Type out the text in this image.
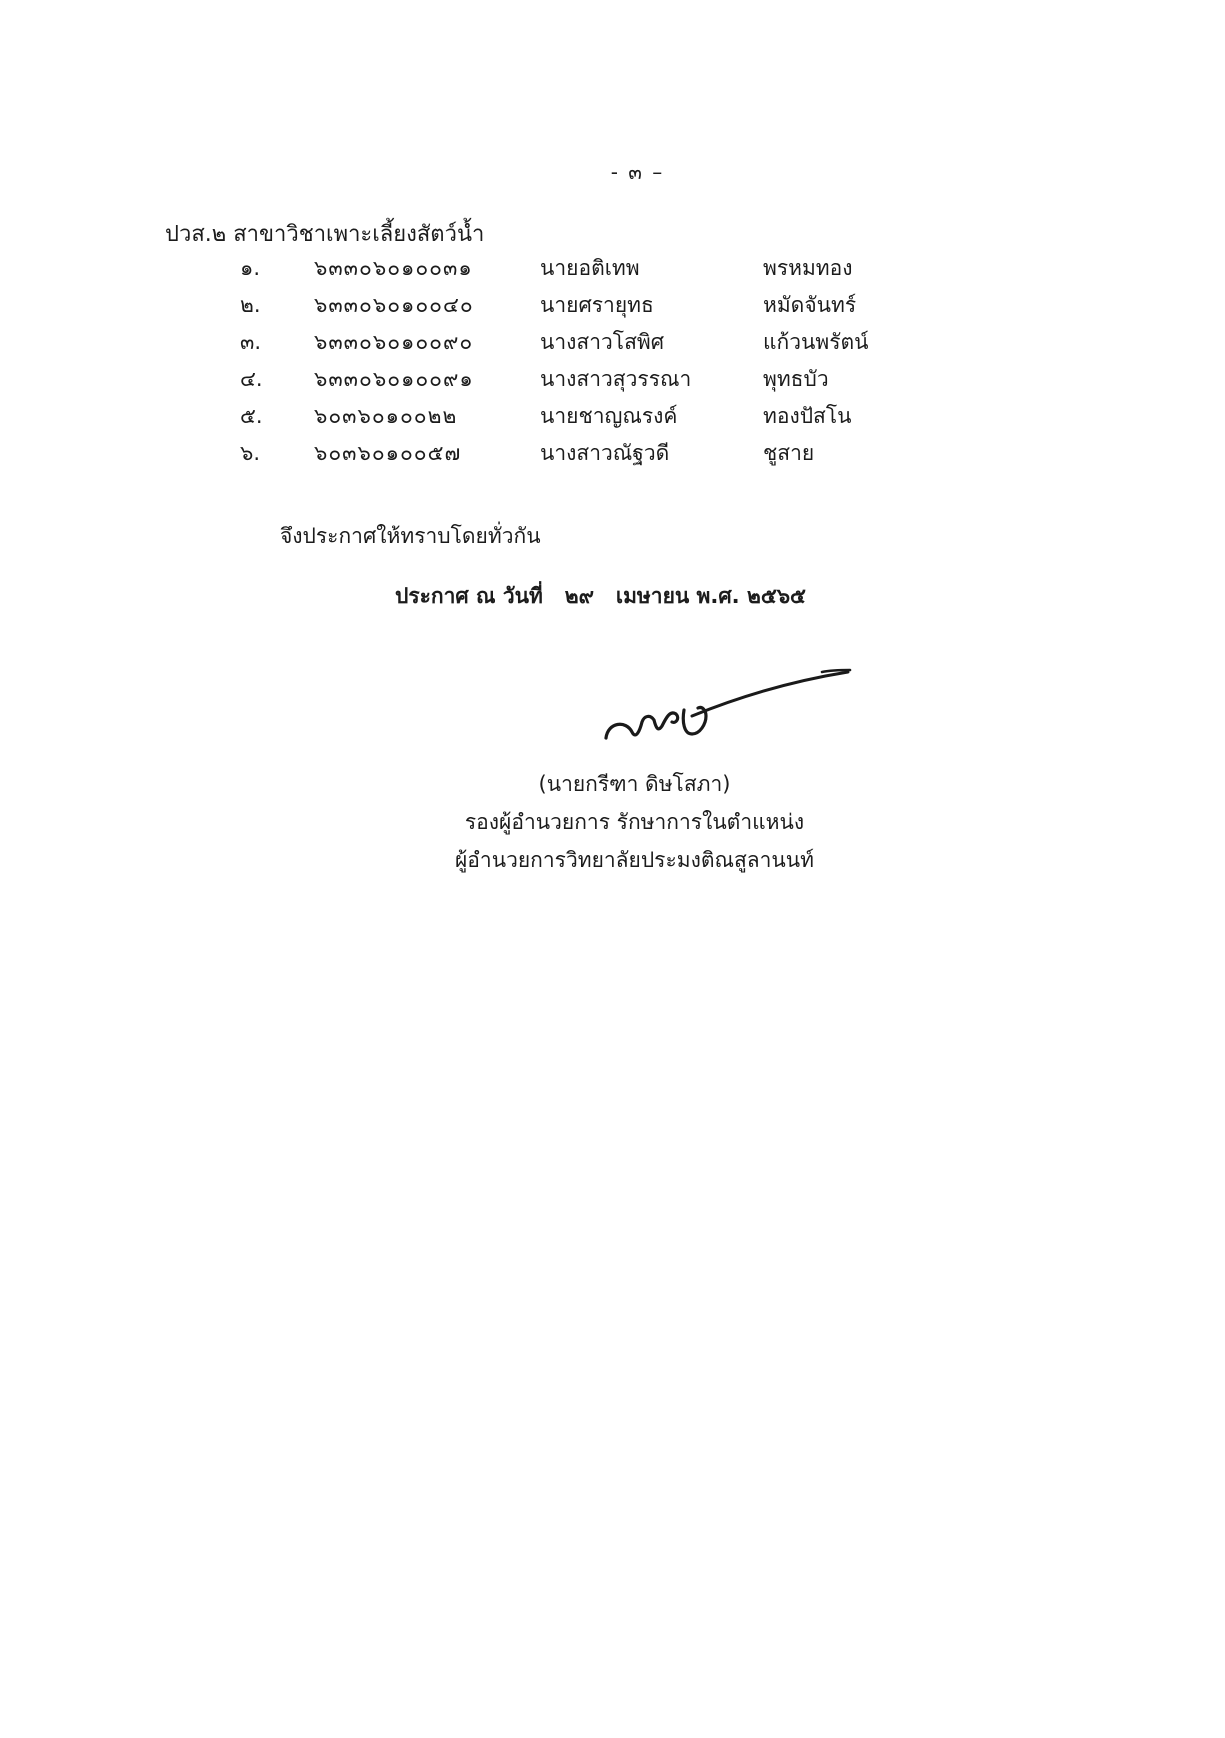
- ๓ –
ปวส.๒ สาขาวิชาเพาะเลี้ยงสัตว์น้ำ
๑.	๖๓๓๐๖๐๑๐๐๓๑	นายอติเทพ	พรหมทอง
๒.	๖๓๓๐๖๐๑๐๐๔๐	นายศรายุทธ	หมัดจันทร์
๓.	๖๓๓๐๖๐๑๐๐๙๐	นางสาวโสพิศ	แก้วนพรัตน์
๔. ๖๓๓๐๖๐๑๐๐๙๑	นางสาวสุวรรณา	พุทธบัว
๕. ๖๐๓๖๐๑๐๐๒๒	นายชาญณรงค์	ทองปัสโน
๖.	๖๐๓๖๐๑๐๐๕๗	นางสาวณัฐวดี	ชูสาย
จึงประกาศให้ทราบโดยทั่วกัน
ประกาศ ณ วันที่   ๒๙   เมษายน พ.ศ. ๒๕๖๕
(นายกรีฑา ดิษโสภา)
รองผู้อำนวยการ รักษาการในตำแหน่ง
ผู้อำนวยการวิทยาลัยประมงติณสูลานนท์
